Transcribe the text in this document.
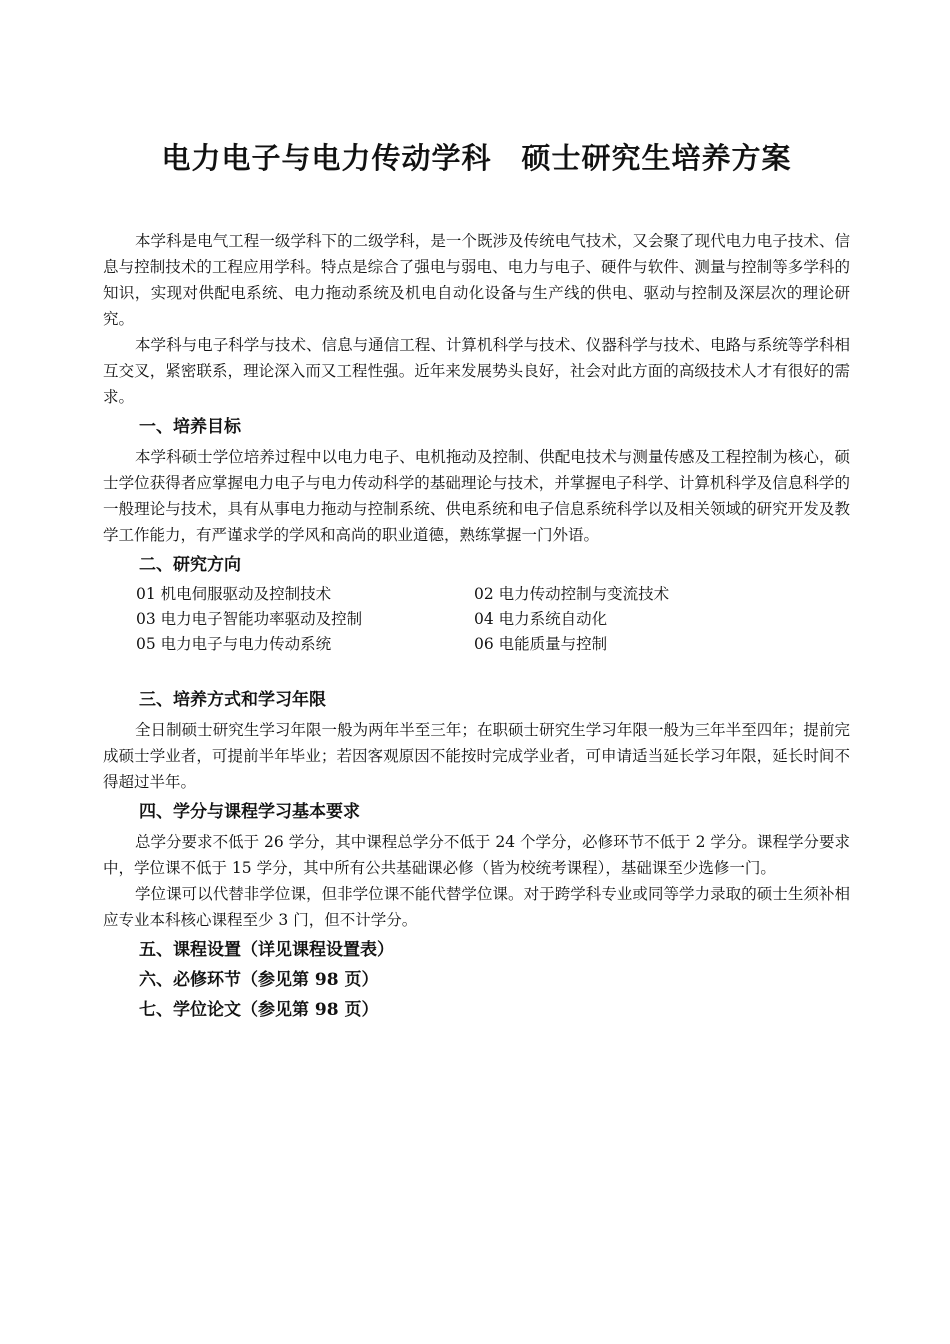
电力电子与电力传动学科　硕士研究生培养方案

本学科是电气工程一级学科下的二级学科，是一个既涉及传统电气技术，又会聚了现代电力电子技术、信息与控制技术的工程应用学科。特点是综合了强电与弱电、电力与电子、硬件与软件、测量与控制等多学科的知识，实现对供配电系统、电力拖动系统及机电自动化设备与生产线的供电、驱动与控制及深层次的理论研究。

本学科与电子科学与技术、信息与通信工程、计算机科学与技术、仪器科学与技术、电路与系统等学科相互交叉，紧密联系，理论深入而又工程性强。近年来发展势头良好，社会对此方面的高级技术人才有很好的需求。

一、培养目标

本学科硕士学位培养过程中以电力电子、电机拖动及控制、供配电技术与测量传感及工程控制为核心，硕士学位获得者应掌握电力电子与电力传动科学的基础理论与技术，并掌握电子科学、计算机科学及信息科学的一般理论与技术，具有从事电力拖动与控制系统、供电系统和电子信息系统科学以及相关领域的研究开发及教学工作能力，有严谨求学的学风和高尚的职业道德，熟练掌握一门外语。

二、研究方向
01 机电伺服驱动及控制技术	02 电力传动控制与变流技术
03 电力电子智能功率驱动及控制	04 电力系统自动化
05 电力电子与电力传动系统	06 电能质量与控制
三、培养方式和学习年限

全日制硕士研究生学习年限一般为两年半至三年；在职硕士研究生学习年限一般为三年半至四年；提前完成硕士学业者，可提前半年毕业；若因客观原因不能按时完成学业者，可申请适当延长学习年限，延长时间不得超过半年。

四、学分与课程学习基本要求

总学分要求不低于 26 学分，其中课程总学分不低于 24 个学分，必修环节不低于 2 学分。课程学分要求中，学位课不低于 15 学分，其中所有公共基础课必修（皆为校统考课程），基础课至少选修一门。

学位课可以代替非学位课，但非学位课不能代替学位课。对于跨学科专业或同等学力录取的硕士生须补相应专业本科核心课程至少 3 门，但不计学分。

五、课程设置（详见课程设置表）
六、必修环节（参见第 98 页）
七、学位论文（参见第 98 页）
